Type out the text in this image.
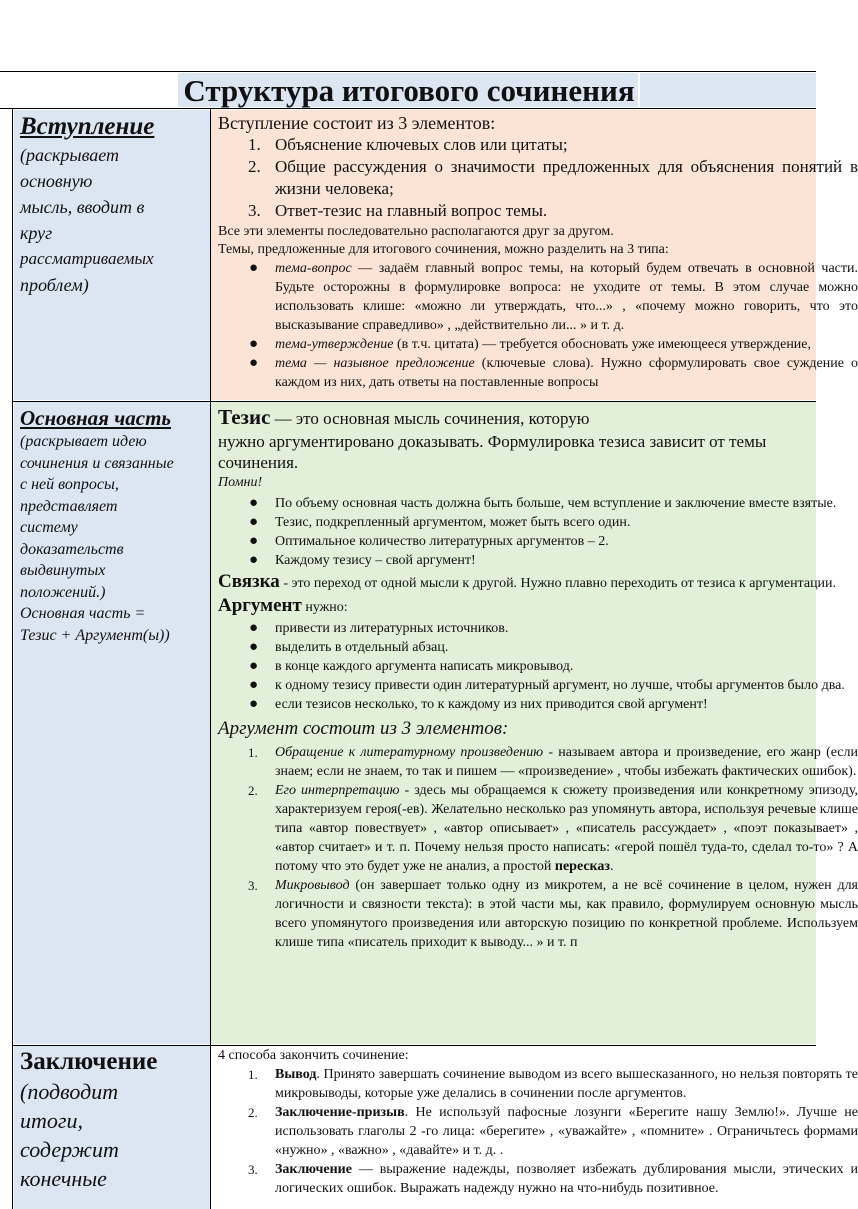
Структура итогового сочинения
Вступление
(раскрывает
основную
мысль, вводит в
круг
рассматриваемых
проблем)
Вступление состоит из 3 элементов:
1. Объяснение ключевых слов или цитаты;
2. Общие рассуждения о значимости предложенных для объяснения понятий в жизни человека;
3. Ответ-тезис на главный вопрос темы.
Все эти элементы последовательно располагаются друг за другом.
Темы, предложенные для итогового сочинения, можно разделить на 3 типа:
● тема-вопрос — задаём главный вопрос темы, на который будем отвечать в основной части. Будьте осторожны в формулировке вопроса: не уходите от темы. В этом случае можно использовать клише: «можно ли утверждать, что...» , «почему можно говорить, что это высказывание справедливо» , „действительно ли... » и т. д.
● тема-утверждение (в т.ч. цитата) — требуется обосновать уже имеющееся утверждение,
● тема — назывное предложение (ключевые слова). Нужно сформулировать свое суждение о каждом из них, дать ответы на поставленные вопросы
Основная часть
(раскрывает идею
сочинения и связанные
с ней вопросы,
представляет
систему
доказательств
выдвинутых
положений.)
Основная часть =
Тезис + Аргумент(ы))
Тезис — это основная мысль сочинения, которую
нужно аргументировано доказывать. Формулировка тезиса зависит от темы
сочинения.
Помни!
● По объему основная часть должна быть больше, чем вступление и заключение вместе взятые.
● Тезис, подкрепленный аргументом, может быть всего один.
● Оптимальное количество литературных аргументов – 2.
● Каждому тезису – свой аргумент!
Связка - это переход от одной мысли к другой. Нужно плавно переходить от тезиса к аргументации.
Аргумент нужно:
● привести из литературных источников.
● выделить в отдельный абзац.
● в конце каждого аргумента написать микровывод.
● к одному тезису привести один литературный аргумент, но лучше, чтобы аргументов было два.
● если тезисов несколько, то к каждому из них приводится свой аргумент!
Аргумент состоит из 3 элементов:
1. Обращение к литературному произведению - называем автора и произведение, его жанр (если знаем; если не знаем, то так и пишем — «произведение» , чтобы избежать фактических ошибок).
2. Его интерпретацию - здесь мы обращаемся к сюжету произведения или конкретному эпизоду, характеризуем героя(-ев). Желательно несколько раз упомянуть автора, используя речевые клише типа «автор повествует» , «автор описывает» , «писатель рассуждает» , «поэт показывает» , «автор считает» и т. п. Почему нельзя просто написать: «герой пошёл туда-то, сделал то-то» ? А потому что это будет уже не анализ, а простой пересказ.
3. Микровывод (он завершает только одну из микротем, а не всё сочинение в целом, нужен для логичности и связности текста): в этой части мы, как правило, формулируем основную мысль всего упомянутого произведения или авторскую позицию по конкретной проблеме. Используем клише типа «писатель приходит к выводу... » и т. п
Заключение
(подводит
итоги,
содержит
конечные
4 способа закончить сочинение:
1. Вывод. Принято завершать сочинение выводом из всего вышесказанного, но нельзя повторять те микровыводы, которые уже делались в сочинении после аргументов.
2. Заключение-призыв. Не используй пафосные лозунги «Берегите нашу Землю!». Лучше не использовать глаголы 2 -го лица: «берегите» , «уважайте» , «помните» . Ограничьтесь формами «нужно» , «важно» , «давайте» и т. д. .
3. Заключение — выражение надежды, позволяет избежать дублирования мысли, этических и логических ошибок. Выражать надежду нужно на что-нибудь позитивное.
